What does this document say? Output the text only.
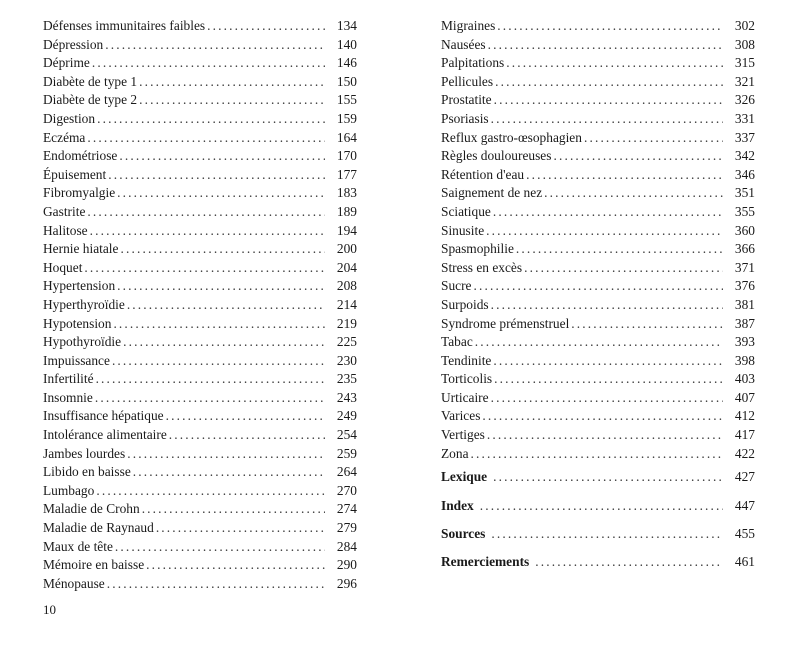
Défenses immunitaires faibles . . .	134
Dépression . . .	140
Déprime . . .	146
Diabète de type 1 . . .	150
Diabète de type 2 . . .	155
Digestion . . .	159
Eczéma . . .	164
Endométriose . . .	170
Épuisement . . .	177
Fibromyalgie . . .	183
Gastrite . . .	189
Halitose . . .	194
Hernie hiatale . . .	200
Hoquet . . .	204
Hypertension . . .	208
Hyperthyroïdie . . .	214
Hypotension . . .	219
Hypothyroïdie . . .	225
Impuissance . . .	230
Infertilité . . .	235
Insomnie . . .	243
Insuffisance hépatique . . .	249
Intolérance alimentaire . . .	254
Jambes lourdes . . .	259
Libido en baisse . . .	264
Lumbago . . .	270
Maladie de Crohn . . .	274
Maladie de Raynaud . . .	279
Maux de tête . . .	284
Mémoire en baisse . . .	290
Ménopause . . .	296
Migraines . . .	302
Nausées . . .	308
Palpitations . . .	315
Pellicules . . .	321
Prostatite . . .	326
Psoriasis . . .	331
Reflux gastro-œsophagien . . .	337
Règles douloureuses . . .	342
Rétention d'eau . . .	346
Saignement de nez . . .	351
Sciatique . . .	355
Sinusite . . .	360
Spasmophilie . . .	366
Stress en excès . . .	371
Sucre . . .	376
Surpoids . . .	381
Syndrome prémenstruel . . .	387
Tabac . . .	393
Tendinite . . .	398
Torticolis . . .	403
Urticaire . . .	407
Varices . . .	412
Vertiges . . .	417
Zona . . .	422
Lexique . . .	427
Index . . .	447
Sources . . .	455
Remerciements . . .	461
10
